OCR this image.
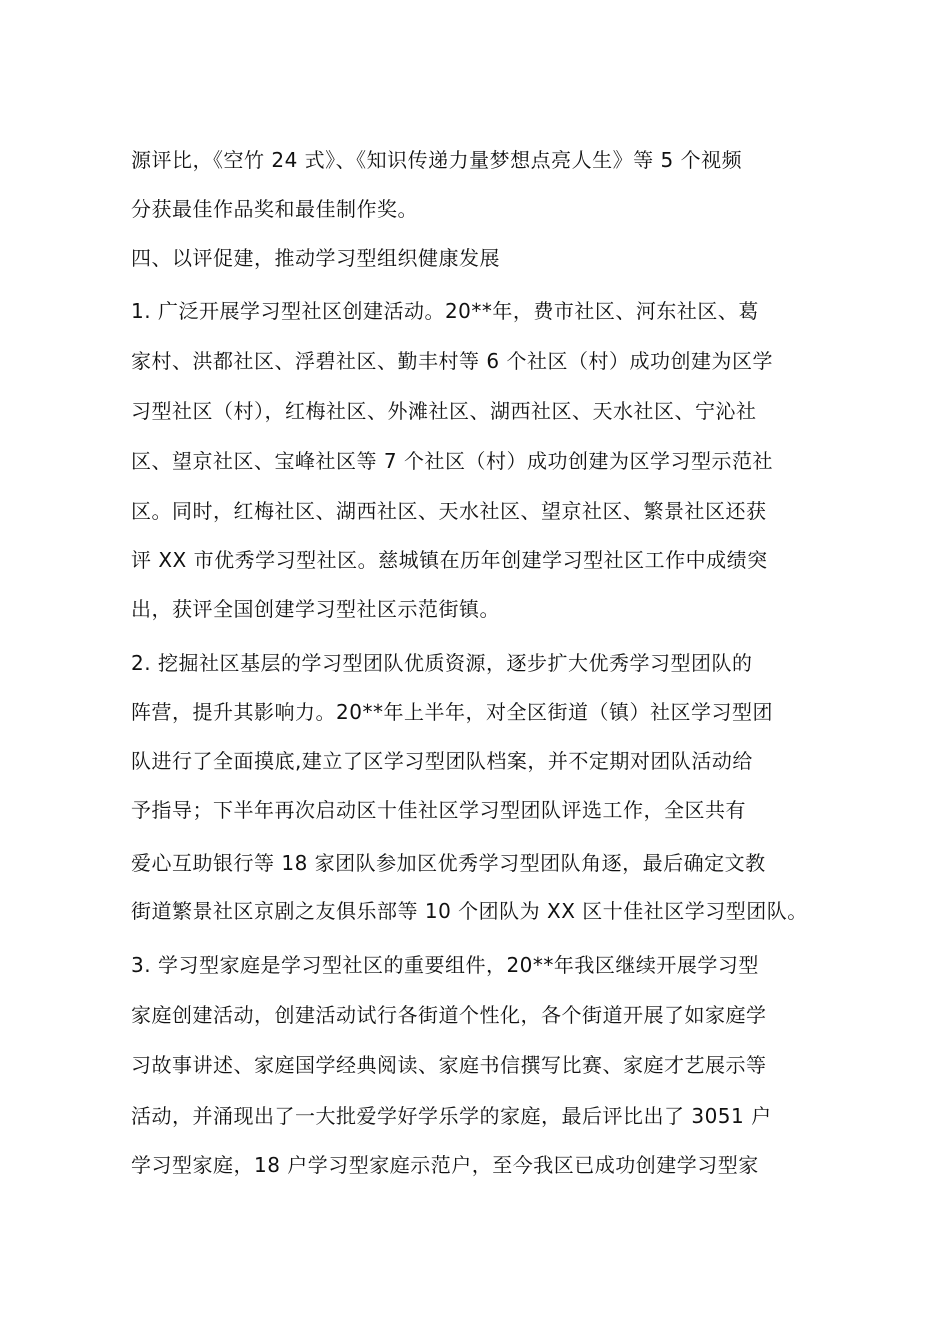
源评比，《空竹 24 式》、《知识传递力量梦想点亮人生》等 5 个视频
分获最佳作品奖和最佳制作奖。
四、以评促建，推动学习型组织健康发展
1. 广泛开展学习型社区创建活动。20**年，费市社区、河东社区、葛
家村、洪都社区、浮碧社区、勤丰村等 6 个社区（村）成功创建为区学
习型社区（村），红梅社区、外滩社区、湖西社区、天水社区、宁沁社
区、望京社区、宝峰社区等 7 个社区（村）成功创建为区学习型示范社
区。同时，红梅社区、湖西社区、天水社区、望京社区、繁景社区还获
评 XX 市优秀学习型社区。慈城镇在历年创建学习型社区工作中成绩突
出，获评全国创建学习型社区示范街镇。
2. 挖掘社区基层的学习型团队优质资源，逐步扩大优秀学习型团队的
阵营，提升其影响力。20**年上半年，对全区街道（镇）社区学习型团
队进行了全面摸底,建立了区学习型团队档案，并不定期对团队活动给
予指导；下半年再次启动区十佳社区学习型团队评选工作，全区共有
爱心互助银行等 18 家团队参加区优秀学习型团队角逐，最后确定文教
街道繁景社区京剧之友俱乐部等 10 个团队为 XX 区十佳社区学习型团队。
3. 学习型家庭是学习型社区的重要组件，20**年我区继续开展学习型
家庭创建活动，创建活动试行各街道个性化，各个街道开展了如家庭学
习故事讲述、家庭国学经典阅读、家庭书信撰写比赛、家庭才艺展示等
活动，并涌现出了一大批爱学好学乐学的家庭，最后评比出了 3051 户
学习型家庭，18 户学习型家庭示范户，至今我区已成功创建学习型家
